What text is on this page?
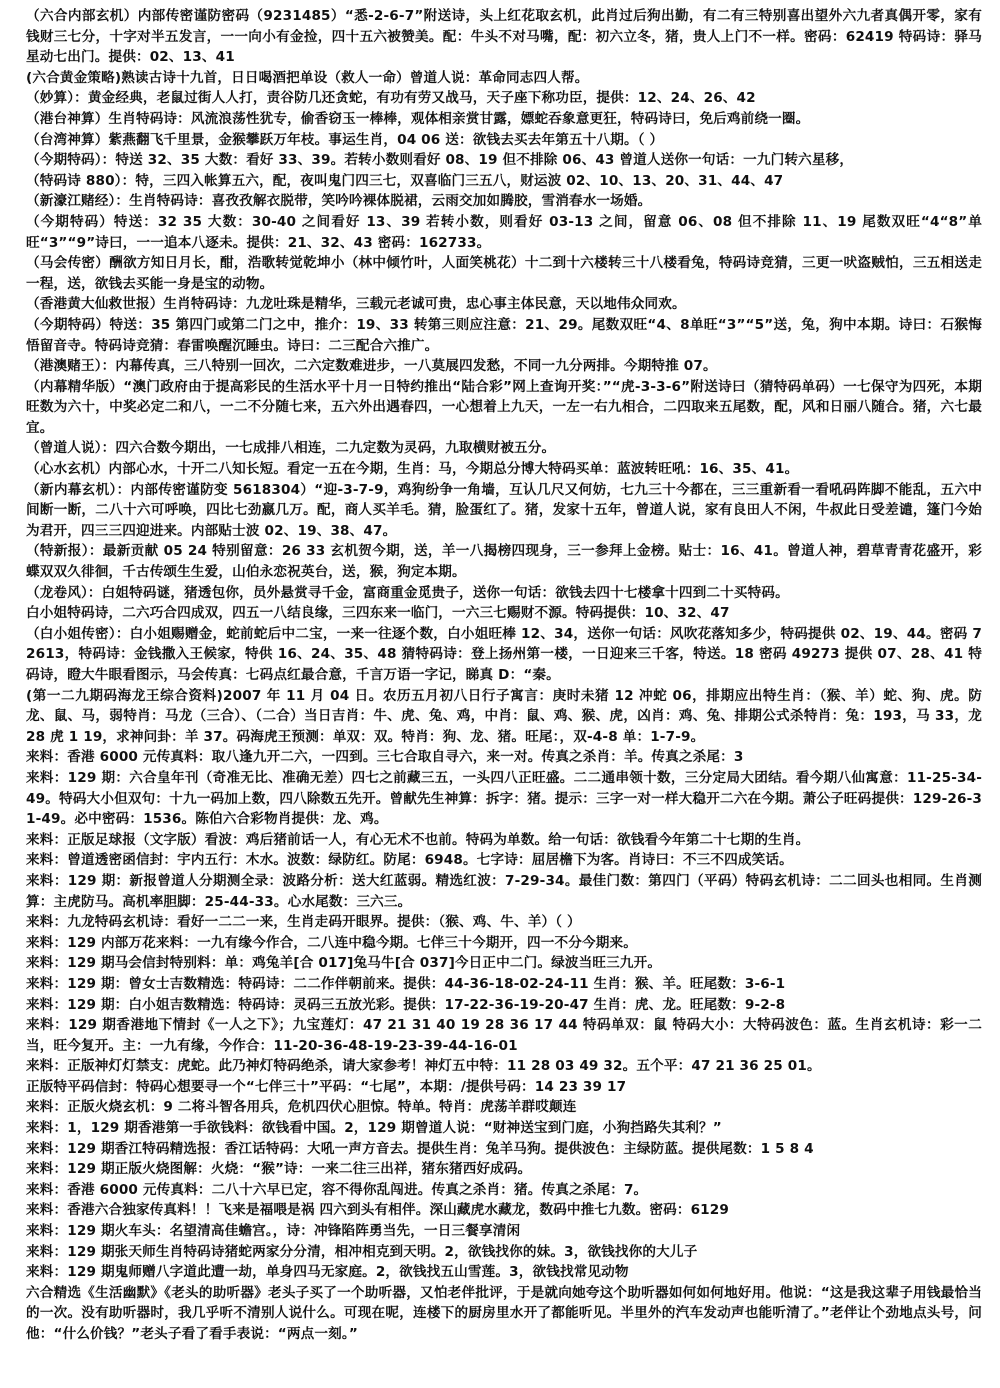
（六合内部玄机）内部传密谨防密码（9231485）“悉-2-6-7”附送诗，头上红花取玄机，此肖过后狗出勤，有二有三特别喜出望外六九者真偶开零，家有钱财三七分，十字对半五发言，一一向小有金捡，四十五六被赞美。配：牛头不对马嘴，配：初六立冬，猪，贵人上门不一样。密码：62419 特码诗：驿马星动七出门。提供：02、13、41

(六合黄金策略)熟读古诗十九首，日日喝酒把单设（救人一命）曾道人说：革命同志四人帮。

（妙算）：黄金经典，老鼠过街人人打，责谷防几还贪蛇，有功有劳又战马，天子座下称功臣，提供：12、24、26、42

（港台神算）生肖特码诗：风流浪荡性犹专，偷香窃玉一棒棒，观体相亲赏甘露，嫖蛇吞象意更狂，特码诗曰，免后鸡前绕一圈。

（台湾神算）紫燕翻飞千里景，金猴攀跃万年枝。事运生肖，04 06 送：欲钱去买去年第五十八期。（ ）

（今期特码）：特送 32、35 大数：看好 33、39。若转小数则看好 08、19 但不排除 06、43 曾道人送你一句话：一九门转六星移，

（特码诗 880）：特，三四入帐算五六，配，夜叫鬼门四三七，双喜临门三五八，财运波 02、10、13、20、31、44、47

（新濠江赌经）：生肖特码诗：喜孜孜解衣脱带，笑吟吟裸体脱裙，云雨交加如腾胶，雪消春水一场婚。

（今期特码）特送：32 35 大数：30-40 之间看好 13、39 若转小数，则看好 03-13 之间，留意 06、08 但不排除 11、19 尾数双旺“4“8”单旺“3”“9”诗曰，一一追本八逐未。提供：21、32、43 密码：162733。

（马会传密）酬欲方知日月长，酣，浩歌转觉乾坤小（林中倾竹叶，人面笑桃花）十二到十六楼转三十八楼看兔，特码诗竞猜，三更一吠盗贼怕，三五相送走一程，送，欲钱去买能一身是宝的动物。

（香港黄大仙救世报）生肖特码诗：九龙吐珠是精华，三载元老诚可贵，忠心事主体民意，天以地伟众同欢。

（今期特码）特送：35 第四门或第二门之中，推介：19、33 转第三则应注意：21、29。尾数双旺“4、8单旺“3”“5”送，兔，狗中本期。诗曰：石猴悔悟留音寺。特码诗竞猜：春雷唤醒沉睡虫。诗曰：二三配合六推广。

（港澳赌王）：内幕传真，三八特别一回次，二六定数难进步，一八莫展四发愁，不同一九分两排。今期特推 07。

（内幕精华版）“澳门政府由于提高彩民的生活水平十月一日特约推出“陆合彩”网上查询开奖：”“虎-3-3-6”附送诗曰（猜特码单码）一七保守为四死，本期旺数为六十，中奖必定二和八，一二不分随七来，五六外出遇春四，一心想着上九天，一左一右九相合，二四取来五尾数，配，风和日丽八随合。猪，六七最宜。

（曾道人说）：四六合数今期出，一七成排八相连，二九定数为灵码，九取横财被五分。

（心水玄机）内部心水，十开二八知长短。看定一五在今期，生肖：马，今期总分博大特码买单：蓝波转旺吼：16、35、41。

（新内幕玄机）：内部传密谨防变 5618304）“迎-3-7-9，鸡狗纷争一角墙，互认几尺又何妨，七九三十今都在，三三重新看一看吼码阵脚不能乱，五六中间断一断，二八十六可呼唤，四比七劲嬴几万。配，商人买羊毛。猜，脸蛋红了。猪，发家十五年，曾道人说，家有良田人不闲，牛叔此日受差谴，篷门今始为君开，四三三四迎进来。内部贴士波 02、19、38、47。

（特新报）：最新贡献 05 24 特别留意：26 33 玄机贺今期，送，羊一八揭榜四现身，三一参拜上金榜。贴士：16、41。曾道人神，碧草青青花盛开，彩蝶双双久徘徊，千古传颂生生爱，山伯永恋祝英台，送，猴，狗定本期。

（龙卷风）：白姐特码谜，猪透包你，员外悬赏寻千金，富商重金觅贵子，送你一句话：欲钱去四十七楼拿十四到二十买特码。

白小姐特码诗，二六巧合四成双，四五一八结良缘，三四东来一临门，一六三七赐财不源。特码提供：10、32、47

（白小姐传密）：白小姐赐赠金，蛇前蛇后中二宝，一来一往逐个数，白小姐旺棒 12、34，送你一句话：风吹花落知多少，特码提供 02、19、44。密码 72613，特码诗：金钱撒入王候家，特供 16、24、35、48 猜特码诗：登上扬州第一楼，一日迎来三千客，特送。18 密码 49273 提供 07、28、41 特码诗，瞪大牛眼看图示，马会传真：七码点红最合意，千言万语一字记，睇真 D：“秦。

(第一二九期码海龙王综合资料)2007 年 11 月 04 日。农历五月初八日行子寓言：庚时未猪 12 冲蛇 06，排期应出特生肖：（猴、羊）蛇、狗、虎。防龙、鼠、马，弱特肖：马龙（三合）、（二合）当日吉肖：牛、虎、兔、鸡，中肖：鼠、鸡、猴、虎，凶肖：鸡、兔、排期公式杀特肖：兔：193，马 33，龙 28 虎 1 19，求神问卦：羊 37。码海虎王预测：单双：双。特肖：狗、龙、猪。旺尾：，双-4-8 单：1-7-9。

来料：香港 6000 元传真料：取八逢九开二六，一四到。三七合取自寻六，来一对。传真之杀肖：羊。传真之杀尾：3

来料：129 期：六合皇年刊（奇准无比、准确无差）四七之前藏三五，一头四八正旺盛。二二通串领十数，三分定局大团结。看今期八仙寓意：11-25-34-49。特码大小但双句：十九一码加上数，四八除数五先开。曾献先生神算：拆字：猪。提示：三字一对一样大稳开二六在今期。萧公子旺码提供：129-26-31-49。必中密码：1536。陈伯六合彩物肖提供：龙、鸡。

来料：正版足球报（文字版）看波：鸡后猪前话一人，有心无术不也前。特码为单数。给一句话：欲钱看今年第二十七期的生肖。

来料：曾道透密函信封：宇内五行：木水。波数：绿防红。防尾：6948。七字诗：屈居檐下为客。肖诗曰：不三不四成笑话。

来料：129 期：新报曾道人分期测全录：波路分析：送大红蓝弱。精选红波：7-29-34。最佳门数：第四门（平码）特码玄机诗：二二回头也相同。生肖测算：主虎防马。高机率胆脚：25-44-33。心水尾数：三六三。

来料：九龙特码玄机诗：看好一二二一来，生肖走码开眼界。提供：（猴、鸡、牛、羊）（ ）

来料：129 内部万花来料：一九有缘今作合，二八连中稳今期。七伴三十今期开，四一不分今期来。

来料：129 期马会信封特别料：单：鸡兔羊[合 017]兔马牛[合 037]今日正中二门。绿波当旺三九开。

来料：129 期：曾女士吉数精选：特码诗：二二作伴朝前来。提供：44-36-18-02-24-11 生肖：猴、羊。旺尾数：3-6-1

来料：129 期：白小姐吉数精选：特码诗：灵码三五放光彩。提供：17-22-36-19-20-47 生肖：虎、龙。旺尾数：9-2-8

来料：129 期香港地下情封《一人之下》；九宝莲灯：47 21 31 40 19 28 36 17 44 特码单双：鼠 特码大小：大特码波色：蓝。生肖玄机诗：彩一二当，旺今复开。主：一九有缘，今作合：11-20-36-48-19-23-39-44-16-01

来料：正版神灯灯禁支：虎蛇。此乃神灯特码绝杀，请大家参考！神灯五中特：11 28 03 49 32。五个平：47 21 36 25 01。

正版特平码信封：特码心想要寻一个“七伴三十”平码：“七尾”，本期：/提供号码：14 23 39 17

来料：正版火烧玄机：9 二将斗智各用兵，危机四伏心胆惊。特单。特肖：虎荡羊群哎颠连

来料：1，129 期香港第一手欲钱料：欲钱看中国。2，129 期曾道人说：“财神送宝到门庭，小狗挡路失其利？”

来料：129 期香江特码精选报：香江话特码：大吼一声方音去。提供生肖：兔羊马狗。提供波色：主绿防蓝。提供尾数：1 5 8 4

来料：129 期正版火烧图解：火烧：“猴”诗：一来二往三出祥，猪东猪西好成码。

来料：香港 6000 元传真料：二八十六早已定，容不得你乱闯进。传真之杀肖：猪。传真之杀尾：7。

来料：香港六合独家传真料！！飞来是福喂是祸 四六到头有相伴。深山藏虎水藏龙，数码中推七九数。密码：6129

来料：129 期火车头：名望清高佳蟾宫。，诗：冲锋陷阵勇当先，一日三餐享清闲

来料：129 期张天师生肖特码诗猪蛇两家分分清，相冲相克到天明。2，欲钱找你的妹。3，欲钱找你的大儿子

来料：129 期鬼师赠八字道此遭一劫，单身四马无家庭。2，欲钱找五山雪莲。3，欲钱找常见动物

六合精选《生活幽默》《老头的助听器》老头子买了一个助听器，又怕老伴批评，于是就向她夸这个助听器如何如何地好用。他说：“这是我这辈子用钱最恰当的一次。没有助听器时，我几乎听不清别人说什么。可现在呢，连楼下的厨房里水开了都能听见。半里外的汽车发动声也能听清了。”老伴让个劲地点头号，问他：“什么价钱？”老头子看了看手表说：“两点一刻。”
